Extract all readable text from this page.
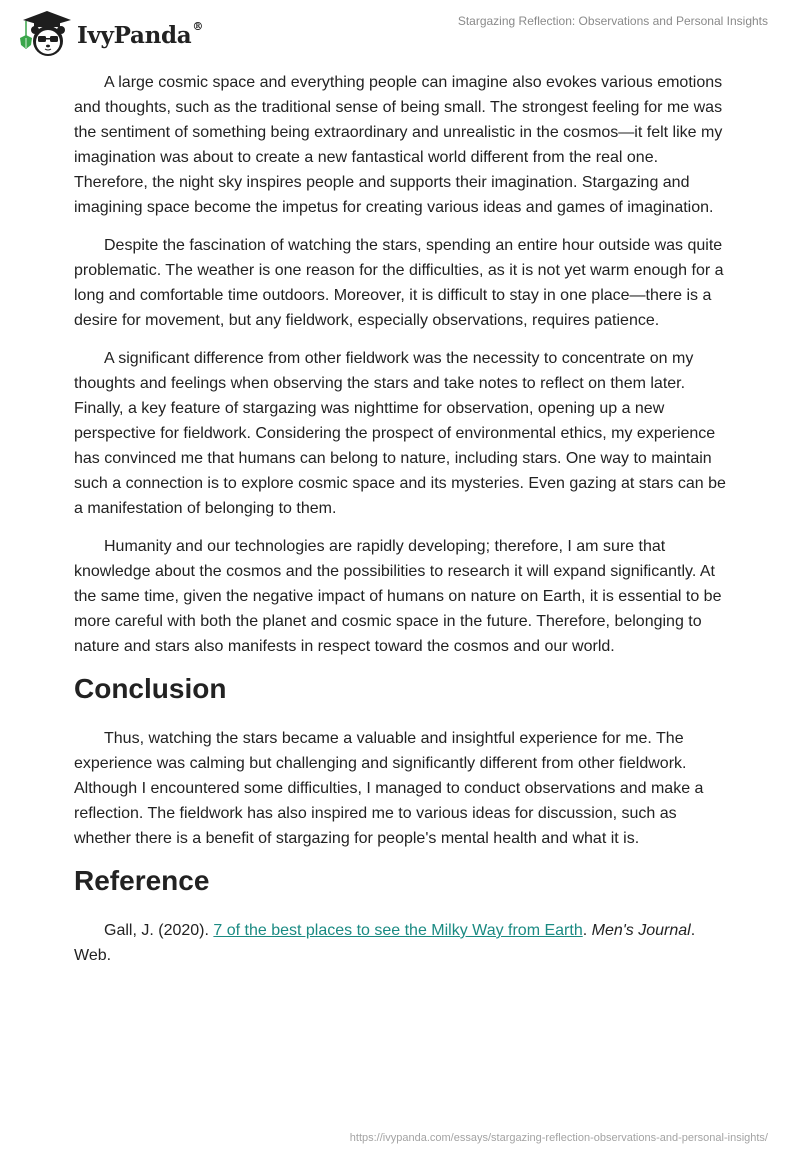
IvyPanda®	Stargazing Reflection: Observations and Personal Insights

A large cosmic space and everything people can imagine also evokes various emotions and thoughts, such as the traditional sense of being small. The strongest feeling for me was the sentiment of something being extraordinary and unrealistic in the cosmos—it felt like my imagination was about to create a new fantastical world different from the real one. Therefore, the night sky inspires people and supports their imagination. Stargazing and imagining space become the impetus for creating various ideas and games of imagination.

Despite the fascination of watching the stars, spending an entire hour outside was quite problematic. The weather is one reason for the difficulties, as it is not yet warm enough for a long and comfortable time outdoors. Moreover, it is difficult to stay in one place—there is a desire for movement, but any fieldwork, especially observations, requires patience.

A significant difference from other fieldwork was the necessity to concentrate on my thoughts and feelings when observing the stars and take notes to reflect on them later. Finally, a key feature of stargazing was nighttime for observation, opening up a new perspective for fieldwork. Considering the prospect of environmental ethics, my experience has convinced me that humans can belong to nature, including stars. One way to maintain such a connection is to explore cosmic space and its mysteries. Even gazing at stars can be a manifestation of belonging to them.

Humanity and our technologies are rapidly developing; therefore, I am sure that knowledge about the cosmos and the possibilities to research it will expand significantly. At the same time, given the negative impact of humans on nature on Earth, it is essential to be more careful with both the planet and cosmic space in the future. Therefore, belonging to nature and stars also manifests in respect toward the cosmos and our world.

Conclusion

Thus, watching the stars became a valuable and insightful experience for me. The experience was calming but challenging and significantly different from other fieldwork. Although I encountered some difficulties, I managed to conduct observations and make a reflection. The fieldwork has also inspired me to various ideas for discussion, such as whether there is a benefit of stargazing for people's mental health and what it is.

Reference

Gall, J. (2020). 7 of the best places to see the Milky Way from Earth. Men's Journal. Web.

https://ivypanda.com/essays/stargazing-reflection-observations-and-personal-insights/
